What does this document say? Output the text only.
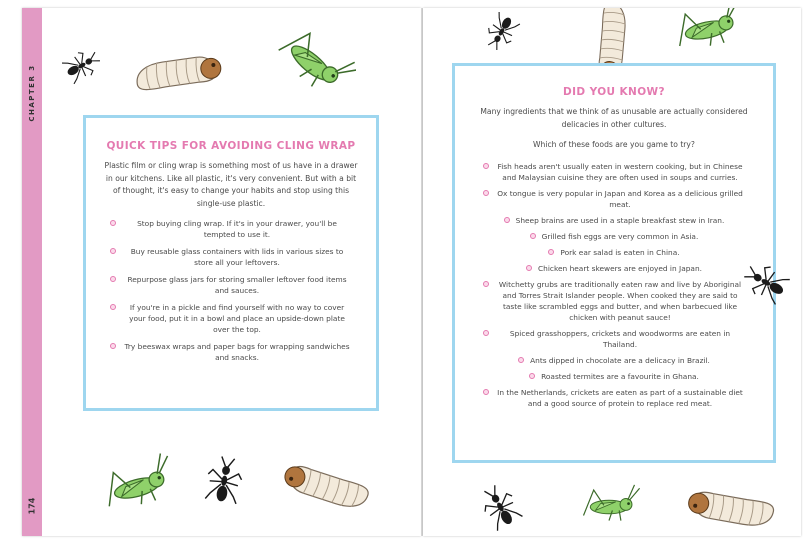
CHAPTER 3
174
QUICK TIPS FOR AVOIDING CLING WRAP
Plastic film or cling wrap is something most of us have in a drawer in our kitchens. Like all plastic, it's very convenient. But with a bit of thought, it's easy to change your habits and stop using this single-use plastic.
Stop buying cling wrap. If it's in your drawer, you'll be tempted to use it.
Buy reusable glass containers with lids in various sizes to store all your leftovers.
Repurpose glass jars for storing smaller leftover food items and sauces.
If you're in a pickle and find yourself with no way to cover your food, put it in a bowl and place an upside-down plate over the top.
Try beeswax wraps and paper bags for wrapping sandwiches and snacks.
DID YOU KNOW?
Many ingredients that we think of as unusable are actually considered delicacies in other cultures.
Which of these foods are you game to try?
Fish heads aren't usually eaten in western cooking, but in Chinese and Malaysian cuisine they are often used in soups and curries.
Ox tongue is very popular in Japan and Korea as a delicious grilled meat.
Sheep brains are used in a staple breakfast stew in Iran.
Grilled fish eggs are very common in Asia.
Pork ear salad is eaten in China.
Chicken heart skewers are enjoyed in Japan.
Witchetty grubs are traditionally eaten raw and live by Aboriginal and Torres Strait Islander people. When cooked they are said to taste like scrambled eggs and butter, and when barbecued like chicken with peanut sauce!
Spiced grasshoppers, crickets and woodworms are eaten in Thailand.
Ants dipped in chocolate are a delicacy in Brazil.
Roasted termites are a favourite in Ghana.
In the Netherlands, crickets are eaten as part of a sustainable diet and a good source of protein to replace red meat.
